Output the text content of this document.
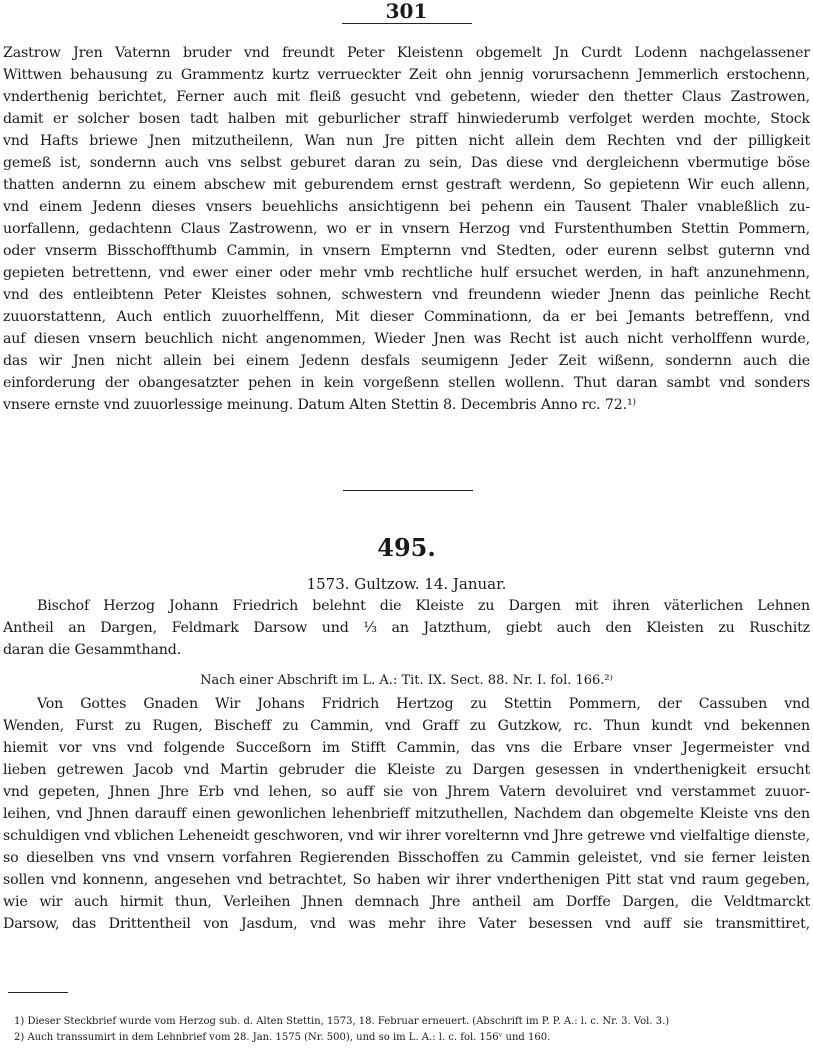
301
Zastrow Jren Vaternn bruder vnd freundt Peter Kleistenn obgemelt Jn Curdt Lodenn nachgelassener
Wittwen behausung zu Grammentz kurtz verrueckter Zeit ohn jennig vorursachenn Jemmerlich erstochenn,
vnderthenig berichtet, Ferner auch mit fleiß gesucht vnd gebetenn, wieder den thetter Claus Zastrowen,
damit er solcher bosen tadt halben mit geburlicher straff hinwiederumb verfolget werden mochte, Stock
vnd Hafts briewe Jnen mitzutheilenn, Wan nun Jre pitten nicht allein dem Rechten vnd der pilligkeit
gemeß ist, sondernn auch vns selbst geburet daran zu sein, Das diese vnd dergleichenn vbermutige böse
thatten andernn zu einem abschew mit geburendem ernst gestraft werdenn, So gepietenn Wir euch allenn,
vnd einem Jedenn dieses vnsers beuehlichs ansichtigenn bei pehenn ein Tausent Thaler vnableßlich zu-
uorfallenn, gedachtenn Claus Zastrowenn, wo er in vnsern Herzog vnd Furstenthumben Stettin Pommern,
oder vnserm Bisschoffthumb Cammin, in vnsern Empternn vnd Stedten, oder eurenn selbst guternn vnd
gepieten betrettenn, vnd ewer einer oder mehr vmb rechtliche hulf ersuchet werden, in haft anzunehmenn,
vnd des entleibtenn Peter Kleistes sohnen, schwestern vnd freundenn wieder Jnenn das peinliche Recht
zuuorstattenn, Auch entlich zuuorhelffenn, Mit dieser Comminationn, da er bei Jemants betreffenn, vnd
auf diesen vnsern beuchlich nicht angenommen, Wieder Jnen was Recht ist auch nicht verholffenn wurde,
das wir Jnen nicht allein bei einem Jedenn desfals seumigenn Jeder Zeit wißenn, sondernn auch die
einforderung der obangesatzter pehen in kein vorgeßenn stellen wollenn. Thut daran sambt vnd sonders
vnsere ernste vnd zuuorlessige meinung. Datum Alten Stettin 8. Decembris Anno rc. 72.¹⁾
495.
1573. Gultzow. 14. Januar.
Bischof Herzog Johann Friedrich belehnt die Kleiste zu Dargen mit ihren väterlichen Lehnen
Antheil an Dargen, Feldmark Darsow und ⅓ an Jatzthum, giebt auch den Kleisten zu Ruschitz
daran die Gesammthand.
Nach einer Abschrift im L. A.: Tit. IX. Sect. 88. Nr. I. fol. 166.²⁾
Von Gottes Gnaden Wir Johans Fridrich Hertzog zu Stettin Pommern, der Cassuben vnd
Wenden, Furst zu Rugen, Bischeff zu Cammin, vnd Graff zu Gutzkow, rc. Thun kundt vnd bekennen
hiemit vor vns vnd folgende Succeßorn im Stifft Cammin, das vns die Erbare vnser Jegermeister vnd
lieben getrewen Jacob vnd Martin gebruder die Kleiste zu Dargen gesessen in vnderthenigkeit ersucht
vnd gepeten, Jhnen Jhre Erb vnd lehen, so auff sie von Jhrem Vatern devoluiret vnd verstammet zuuor-
leihen, vnd Jhnen darauff einen gewonlichen lehenbrieff mitzuthellen, Nachdem dan obgemelte Kleiste vns den
schuldigen vnd vblichen Leheneidt geschworen, vnd wir ihrer vorelternn vnd Jhre getrewe vnd vielfaltige dienste,
so dieselben vns vnd vnsern vorfahren Regierenden Bisschoffen zu Cammin geleistet, vnd sie ferner leisten
sollen vnd konnenn, angesehen vnd betrachtet, So haben wir ihrer vnderthenigen Pitt stat vnd raum gegeben,
wie wir auch hirmit thun, Verleihen Jhnen demnach Jhre antheil am Dorffe Dargen, die Veldtmarckt
Darsow, das Drittentheil von Jasdum, vnd was mehr ihre Vater besessen vnd auff sie transmittiret,
1) Dieser Steckbrief wurde vom Herzog sub. d. Alten Stettin, 1573, 18. Februar erneuert. (Abschrift im P. P. A.: l. c. Nr. 3. Vol. 3.)
2) Auch transsumirt in dem Lehnbrief vom 28. Jan. 1575 (Nr. 500), und so im L. A.: l. c. fol. 156ᵛ und 160.
